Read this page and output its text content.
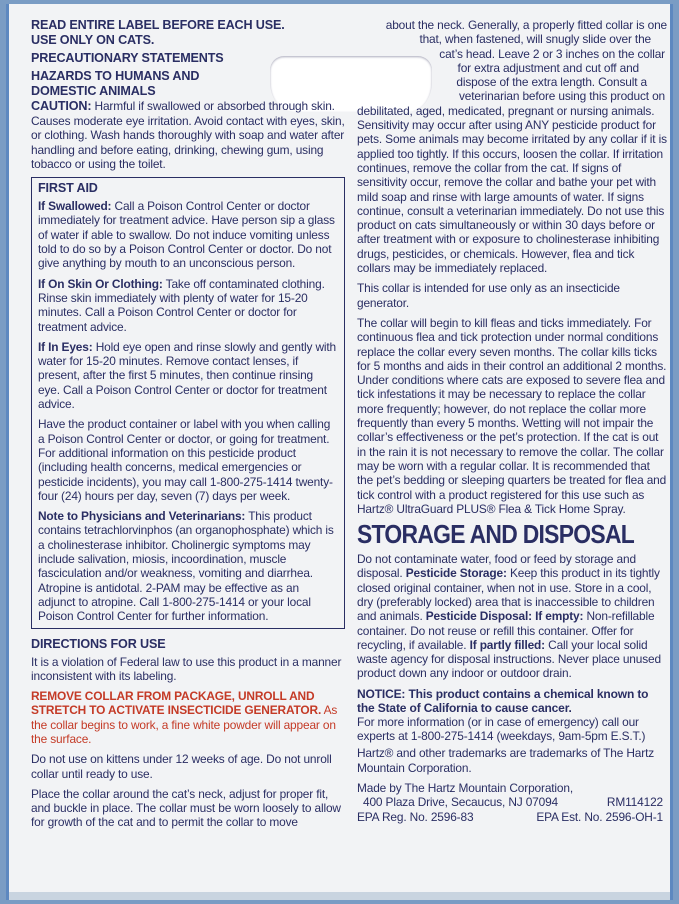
READ ENTIRE LABEL BEFORE EACH USE.

USE ONLY ON CATS.

PRECAUTIONARY STATEMENTS

HAZARDS TO HUMANS AND

DOMESTIC ANIMALS

CAUTION: Harmful if swallowed or absorbed through skin. Causes moderate eye irritation. Avoid contact with eyes, skin, or clothing. Wash hands thoroughly with soap and water after handling and before eating, drinking, chewing gum, using tobacco or using the toilet.

FIRST AID

If Swallowed: Call a Poison Control Center or doctor immediately for treatment advice. Have person sip a glass of water if able to swallow. Do not induce vomiting unless told to do so by a Poison Control Center or doctor. Do not give anything by mouth to an unconscious person.

If On Skin Or Clothing: Take off contaminated clothing. Rinse skin immediately with plenty of water for 15-20 minutes. Call a Poison Control Center or doctor for treatment advice.

If In Eyes: Hold eye open and rinse slowly and gently with water for 15-20 minutes. Remove contact lenses, if present, after the first 5 minutes, then continue rinsing eye. Call a Poison Control Center or doctor for treatment advice.

Have the product container or label with you when calling a Poison Control Center or doctor, or going for treatment. For additional information on this pesticide product (including health concerns, medical emergencies or pesticide incidents), you may call 1-800-275-1414 twenty-four (24) hours per day, seven (7) days per week.

Note to Physicians and Veterinarians: This product contains tetrachlorvinphos (an organophosphate) which is a cholinesterase inhibitor. Cholinergic symptoms may include salivation, miosis, incoordination, muscle fasciculation and/or weakness, vomiting and diarrhea. Atropine is antidotal. 2-PAM may be effective as an adjunct to atropine. Call 1-800-275-1414 or your local Poison Control Center for further information.

DIRECTIONS FOR USE

It is a violation of Federal law to use this product in a manner inconsistent with its labeling.

REMOVE COLLAR FROM PACKAGE, UNROLL AND STRETCH TO ACTIVATE INSECTICIDE GENERATOR. As the collar begins to work, a fine white powder will appear on the surface.

Do not use on kittens under 12 weeks of age. Do not unroll collar until ready to use.

Place the collar around the cat’s neck, adjust for proper fit, and buckle in place. The collar must be worn loosely to allow for growth of the cat and to permit the collar to move

about the neck. Generally, a properly fitted collar is one

that, when fastened, will snugly slide over the

cat’s head. Leave 2 or 3 inches on the collar

for extra adjustment and cut off and

dispose of the extra length. Consult a

veterinarian before using this product on

debilitated, aged, medicated, pregnant or nursing animals. Sensitivity may occur after using ANY pesticide product for pets. Some animals may become irritated by any collar if it is applied too tightly. If this occurs, loosen the collar. If irritation continues, remove the collar from the cat. If signs of sensitivity occur, remove the collar and bathe your pet with mild soap and rinse with large amounts of water. If signs continue, consult a veterinarian immediately. Do not use this product on cats simultaneously or within 30 days before or after treatment with or exposure to cholinesterase inhibiting drugs, pesticides, or chemicals. However, flea and tick collars may be immediately replaced.

This collar is intended for use only as an insecticide generator.

The collar will begin to kill fleas and ticks immediately. For continuous flea and tick protection under normal conditions replace the collar every seven months. The collar kills ticks for 5 months and aids in their control an additional 2 months. Under conditions where cats are exposed to severe flea and tick infestations it may be necessary to replace the collar more frequently; however, do not replace the collar more frequently than every 5 months. Wetting will not impair the collar’s effectiveness or the pet’s protection. If the cat is out in the rain it is not necessary to remove the collar. The collar may be worn with a regular collar. It is recommended that the pet’s bedding or sleeping quarters be treated for flea and tick control with a product registered for this use such as Hartz® UltraGuard PLUS® Flea & Tick Home Spray.

STORAGE AND DISPOSAL

Do not contaminate water, food or feed by storage and disposal. Pesticide Storage: Keep this product in its tightly closed original container, when not in use. Store in a cool, dry (preferably locked) area that is inaccessible to children and animals. Pesticide Disposal: If empty: Non-refillable container. Do not reuse or refill this container. Offer for recycling, if available. If partly filled: Call your local solid waste agency for disposal instructions. Never place unused product down any indoor or outdoor drain.

NOTICE: This product contains a chemical known to the State of California to cause cancer.

For more information (or in case of emergency) call our experts at 1-800-275-1414 (weekdays, 9am-5pm E.S.T.)

Hartz® and other trademarks are trademarks of The Hartz Mountain Corporation.

Made by The Hartz Mountain Corporation,

400 Plaza Drive, Secaucus, NJ 07094	RM114122
EPA Reg. No. 2596-83	EPA Est. No. 2596-OH-1
